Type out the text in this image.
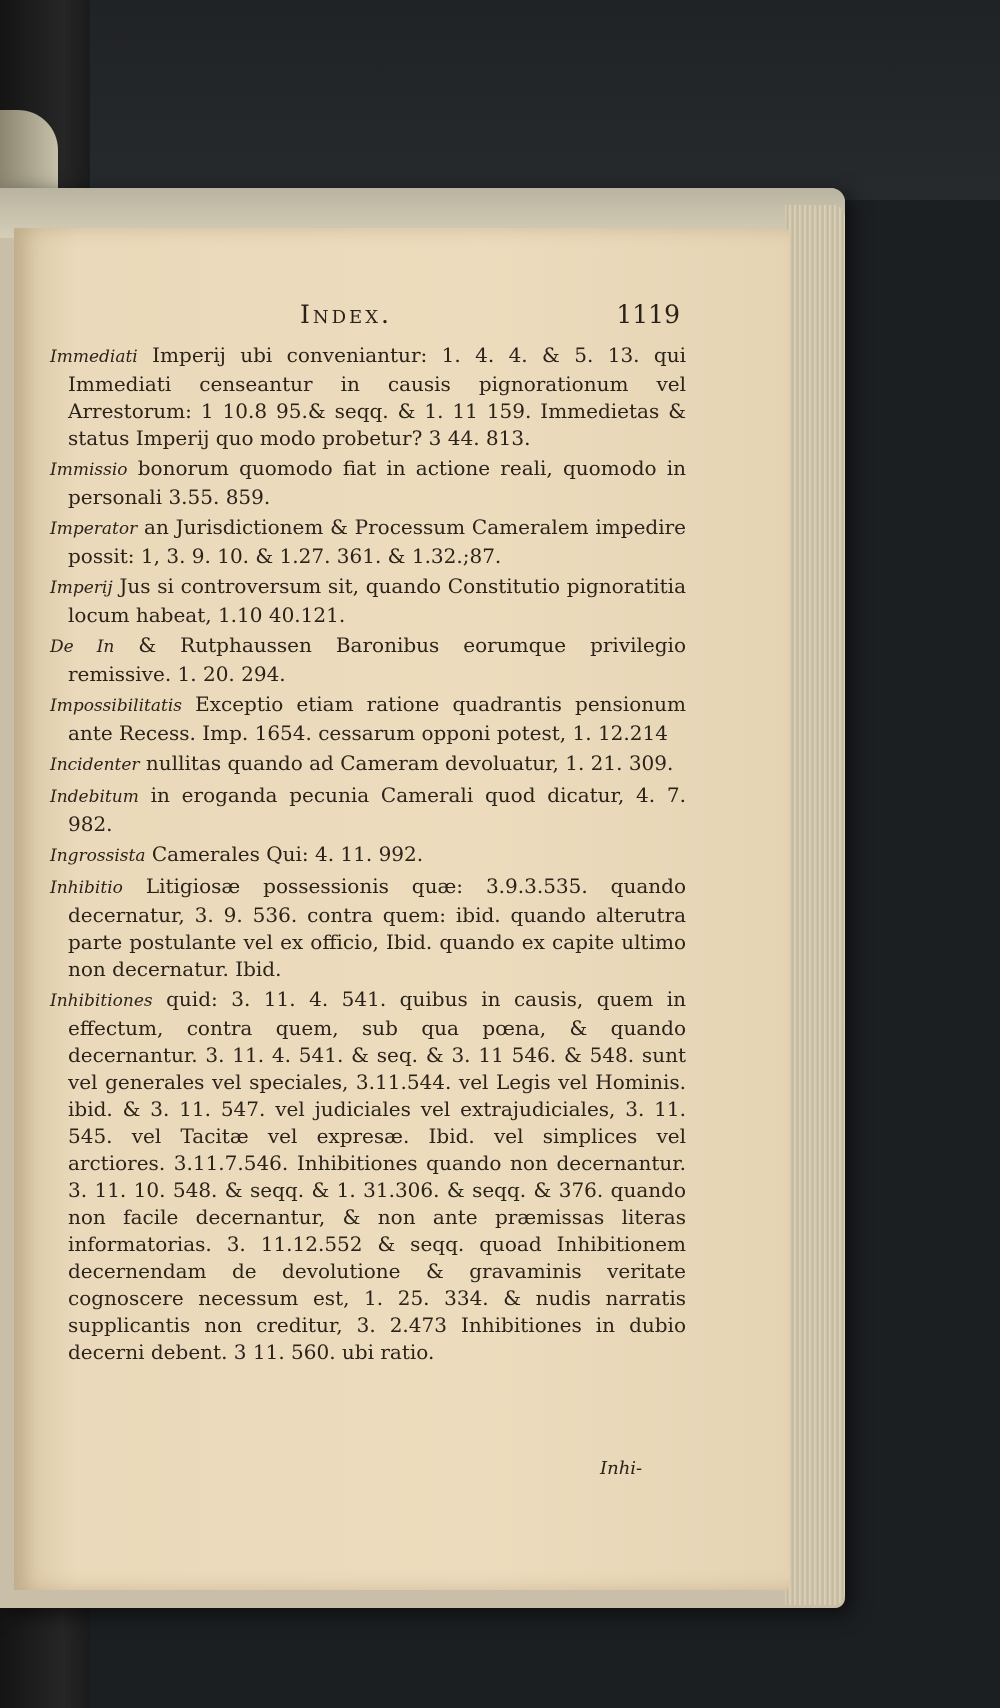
Index.	1119

Immediati Imperij ubi conveniantur: 1. 4. 4. & 5. 13. qui Immediati censeantur in causis pignorationum vel Arrestorum: 1 10.8 95.& seqq. & 1. 11 159. Immedietas & status Imperij quo modo probetur? 3 44. 813.

Immissio bonorum quomodo fiat in actione reali, quomodo in personali 3.55. 859.

Imperator an Jurisdictionem & Processum Cameralem impedire possit: 1, 3. 9. 10. & 1.27. 361. & 1.32.;87.

Imperij Jus si controversum sit, quando Constitutio pignoratitia locum habeat, 1.10 40.121.

De In & Rutphaussen Baronibus eorumque privilegio remissive. 1. 20. 294.

Impossibilitatis Exceptio etiam ratione quadrantis pensionum ante Recess. Imp. 1654. cessarum opponi potest, 1. 12.214

Incidenter nullitas quando ad Cameram devoluatur, 1. 21. 309.

Indebitum in eroganda pecunia Camerali quod dicatur, 4. 7. 982.

Ingrossista Camerales Qui: 4. 11. 992.

Inhibitio Litigiosæ possessionis quæ: 3.9.3.535. quando decernatur, 3. 9. 536. contra quem: ibid. quando alterutra parte postulante vel ex officio, Ibid. quando ex capite ultimo non decernatur. Ibid.

Inhibitiones quid: 3. 11. 4. 541. quibus in causis, quem in effectum, contra quem, sub qua pœna, & quando decernantur. 3. 11. 4. 541. & seq. & 3. 11 546. & 548. sunt vel generales vel speciales, 3.11.544. vel Legis vel Hominis. ibid. & 3. 11. 547. vel judiciales vel extrajudiciales, 3. 11. 545. vel Tacitæ vel expresæ. Ibid. vel simplices vel arctiores. 3.11.7.546. Inhibitiones quando non decernantur. 3. 11. 10. 548. & seqq. & 1. 31.306. & seqq. & 376. quando non facile decernantur, & non ante præmissas literas informatorias. 3. 11.12.552 & seqq. quoad Inhibitionem decernendam de devolutione & gravaminis veritate cognoscere necessum est, 1. 25. 334. & nudis narratis supplicantis non creditur, 3. 2.473 Inhibitiones in dubio decerni debent. 3 11. 560. ubi ratio.

Inhi-
